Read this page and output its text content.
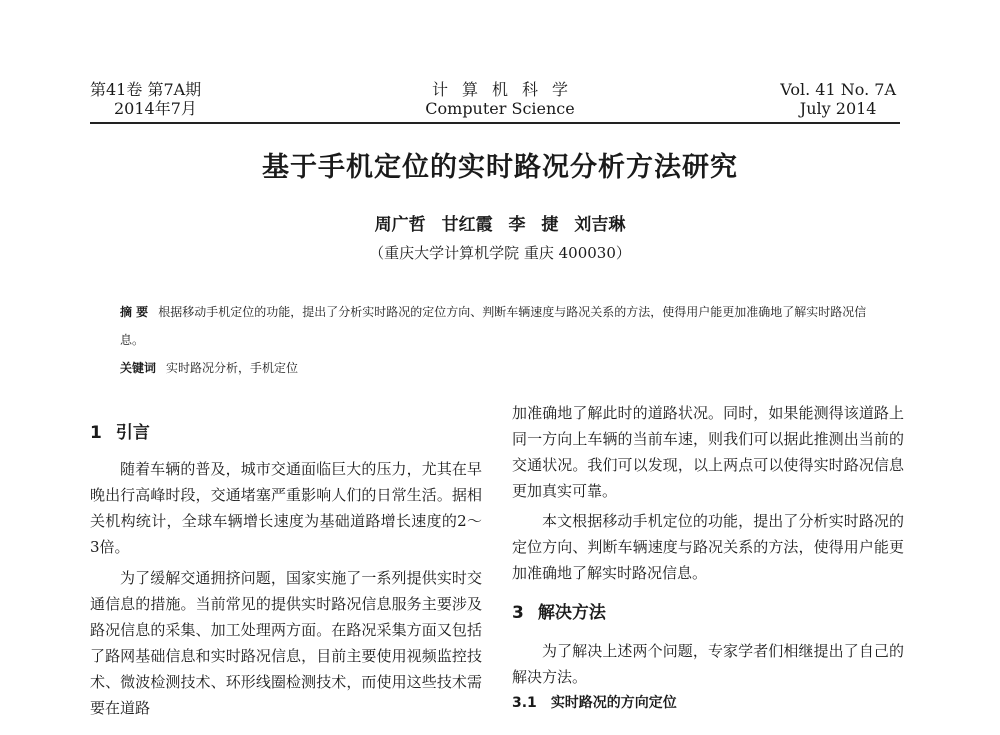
第41卷 第7A期
2014年7月
计算机科学
Computer Science
Vol. 41 No. 7A
July 2014
基于手机定位的实时路况分析方法研究
周广哲 甘红霞 李 捷 刘吉琳
（重庆大学计算机学院 重庆 400030）
摘 要 根据移动手机定位的功能，提出了分析实时路况的定位方向、判断车辆速度与路况关系的方法，使得用户能更加准确地了解实时路况信息。
关键词 实时路况分析，手机定位
1 引言

随着车辆的普及，城市交通面临巨大的压力，尤其在早晚出行高峰时段，交通堵塞严重影响人们的日常生活。据相关机构统计，全球车辆增长速度为基础道路增长速度的2～3倍。

为了缓解交通拥挤问题，国家实施了一系列提供实时交通信息的措施。当前常见的提供实时路况信息服务主要涉及路况信息的采集、加工处理两方面。在路况采集方面又包括了路网基础信息和实时路况信息，目前主要使用视频监控技术、微波检测技术、环形线圈检测技术，而使用这些技术需要在道路

加准确地了解此时的道路状况。同时，如果能测得该道路上同一方向上车辆的当前车速，则我们可以据此推测出当前的交通状况。我们可以发现，以上两点可以使得实时路况信息更加真实可靠。

本文根据移动手机定位的功能，提出了分析实时路况的定位方向、判断车辆速度与路况关系的方法，使得用户能更加准确地了解实时路况信息。

3 解决方法

为了解决上述两个问题，专家学者们相继提出了自己的解决方法。

3.1 实时路况的方向定位
